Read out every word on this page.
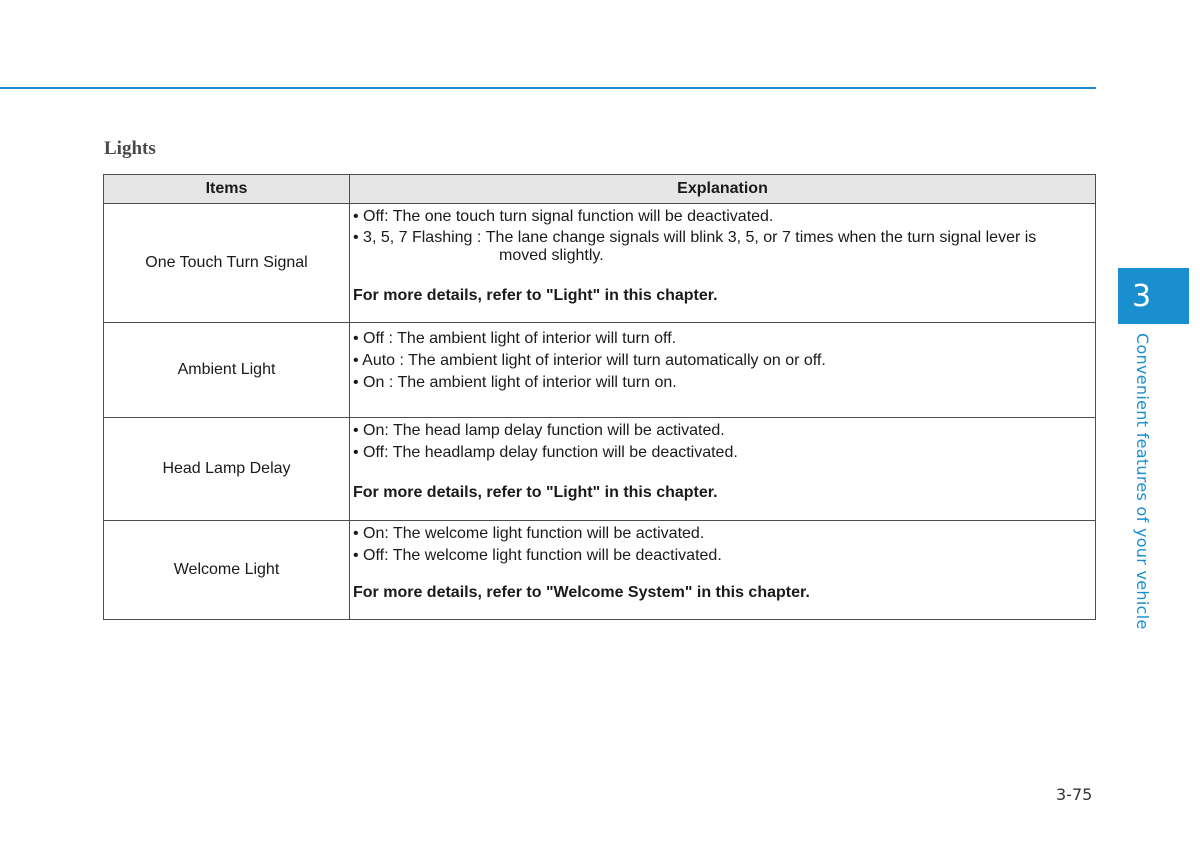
Lights
Items	Explanation
One Touch Turn Signal	• Off: The one touch turn signal function will be deactivated.
• 3, 5, 7 Flashing : The lane change signals will blink 3, 5, or 7 times when the turn signal lever is
moved slightly.
For more details, refer to "Light" in this chapter.

Ambient Light	• Off : The ambient light of interior will turn off.
• Auto : The ambient light of interior will turn automatically on or off.
• On : The ambient light of interior will turn on.

Head Lamp Delay	• On: The head lamp delay function will be activated.
• Off: The headlamp delay function will be deactivated.
For more details, refer to "Light" in this chapter.

Welcome Light	• On: The welcome light function will be activated.
• Off: The welcome light function will be deactivated.
For more details, refer to "Welcome System" in this chapter.
3
Convenient features of your vehicle
3-75
